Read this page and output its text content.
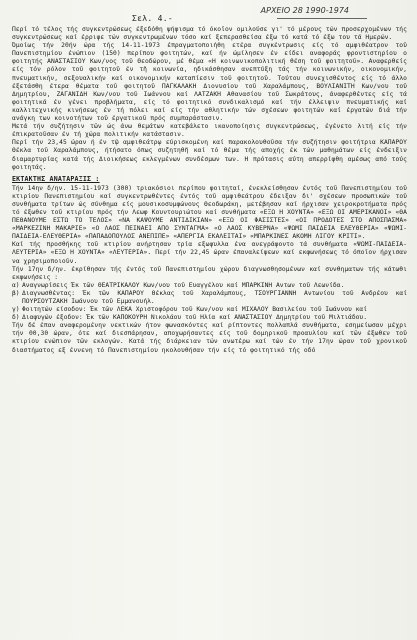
Σελ. 4.-
ΑΡΧΕΙΟ 28 1990-1974

Περί τό τέλος τής συγκεντρώσεως έξεδόθη ψήφισμα τό όκοῖον ομιλούσε γι' τό μέρους τών προσερχομένων τής συγκεντρώσεως καί έρριψε τών συγκεντρωμένων τόσο καί ξεπερασθείσα έξω τό κατά τό έξω του τά Ημερών.

Όμοίως τήν 20ήν ώρα τής 14-11-1973 έπραγματοποιήθη ετέρα συγκέντρωσις είς τό αμφιθέατρον τοῦ Πανεπιστημίου ένώπιον (150) περίπου φοιτητών, καί ήν ώμίλησεν έν είδει αναφοράς φροντιστηρίου ο φοιτητής ΑΝΑΣΤΑΣΙΟΥ Κων/νος τοῦ Θεοδώρου, μέ θέμα «Η κοινωνικοπολιτική θέση τοῦ φοιτητοῦ». Αναφερθείς είς τόν ρόλον τοῦ φοιτητοῦ έν τῆ κοινωνία, ηδικάσθησαν ανεπτύξη τάς τήν κοινωνικήν, οικονομικήν, πνευματικήν, σεξουαλικήν καί οικονομικήν καταπίεσιν τοῦ φοιτητοῦ. Τούτου συνεχισθέντος είς τό άλλο έξετάσθη έτερα θέματα τοῦ φοιτητοῦ ΠΑΓΚΑΛΑΚΗ Διονυσίου τοῦ Χαραλάμπους, ΒΟΥΛΙΑΝΙΤΗ Κων/νου τοῦ Δημητρίου, ΖΑΓΑΝΙΔΗ Κων/νου τοῦ Ιωάννου καί ΛΑΤΖΑΚΗ Αθανασίου τοῦ Σωκράτους, άναφερθέντες είς τά φοιτητικά έν γένει προβλήματα, είς τό φοιτητικό συνδικαλισμό καί τήν έλλειψιν πνευματικής καί καλλιτεχνικής κινήσεως έν τή πόλει καί είς τήν αθλητικήν τών σχέσεων φοιτητών καί έργατών διά τήν ανάγκη των κοινοτήτων τοῦ έργατικοῦ πρός συμπαράστασιν.

Μετά τήν συζήτησιν τῶν ώς άνω θεμάτων κατεβάλετο ικανοποίησις συγκεντρώσεως, έγένετο λιτή είς τήν έπικρατοῦσαν έν τή χώρα πολιτικήν κατάστασιν.

Περί τήν 23,45 ώραν ή έν τῷ αμφιθεάτρῳ εύρισκομένη καί παρακολουθοῦσα τήν συζήτησιν φοιτήτρια ΚΑΠΑΡΟΥ Θέκλα τοῦ Χαραλάμπους, ήτήσατο όπως συζητηθῆ καί τό θέμα τής αποχής έκ τών μαθημάτων είς ένδειξιν διαμαρτυρίας κατά τής Διοικήσεως εκλεγμένων συνδέσμων των. Η πρότασις αύτη απερρίφθη αμέσως από τούς φοιτητάς.

ΕΚΤΑΚΤΗΣ ΑΝΑΤΑΡΑΞΙΣ :

Τήν 14ην δ/ην. 15-11-1973 (300) τριακόσιοι περίπου φοιτηταί, ένεκλείσθησαν έντός τοῦ Πανεπιστημίου τοῦ κτιρίου Πανεπιστημίου καί συγκεντρωθέντες έντός τοῦ αμφιθεάτρου έδειξαν δι' σχέσεων προσωπικών τοῦ συνθήματα τρίτων ώς σύνθημα είς μουσικοσυμφώνους Θεοδωράκη, μετέβησαν καί ήρχισαν χειροκροτήματα πρός τό έξωθεν τοῦ κτιρίου πρός τήν Λεωφ Κουντουριώτου καί συνθήματα «ΕΞΩ Η ΧΟΥΝΤΑ» «ΕΞΩ ΟΙ ΑΜΕΡΙΚΑΝΟΙ» «ΘΑ ΠΕΘΑΝΟΥΜΕ ΕΣΤΩ ΤΟ ΤΕΛΟΣ» «ΝΑ ΚΑΨΟΥΜΕ ΑΝΤΙΔΙΚΙΑΝ» «ΕΞΩ ΟΙ ΦΑΣΙΣΤΕΣ» «ΟΙ ΠΡΟΔΟΤΕΣ ΣΤΟ ΑΠΟΣΠΑΣΜΑ» «ΜΑΡΚΕΖΙΝΗ ΜΑΚΑΡΙΕ» «Ο ΛΑΟΣ ΠΕΙΝΑΕΙ ΑΠΟ ΣΥΝΤΑΓΜΑ» «Ο ΛΑΟΣ ΚΥΒΕΡΝΑ» «ΨΩΜΙ ΠΑΙΔΕΙΑ ΕΛΕΥΘΕΡΙΑ» «ΨΩΜΙ-ΠΑΙΔΕΙΑ-ΕΛΕΥΘΕΡΙΑ» «ΠΑΠΑΔΟΠΟΥΛΟΣ ΑΝΕΠΙΠΕ» «ΑΠΕΡΓΙΑ ΕΚΑΛΕΙΤΑΙ» «ΜΠΑΡΚΙΝΕΣ ΑΚΟΜΗ ΛΙΓΟΥ ΚΡΙΤΙ».

Καί τής προσθήκης τοῦ κτιρίου ανήρτησαν τρία εξωφυλλα ένα ανεγράφοντο τά συνθήματα «ΨΩΜΙ-ΠΑΙΔΕΙΑ-ΛΕΥΤΕΡΙΑ» «ΕΞΩ Η ΧΟΥΝΤΑ» «ΛΕΥΤΕΡΙΑ». Περί τήν 22,45 ώραν έπαναλείψεων καί εκφωνήσεως τό όποῖον ήρχισαν να χρησιμοποιοῦν.

Τήν 17ην δ/ην. έκρίθησαν τής έντός τοῦ Πανεπιστημίου χώρου διαγνωσθησομένων καί συνθηματων τής κάτωθι εκφωνήσεις :

α) Αναγνωρίσεις Έκ τῶν ΘΕΑΤΡΙΚΑΛΟΥ Κων/νου τοῦ Ευαγγέλου καί ΜΠΑΡΚΙΝΗ Αντων τοῦ Λεωνίδα.
β) Διαγνωσθέντας: Έκ τῶν ΚΑΠΑΡΟΥ Θέκλας τοῦ Χαραλάμπους, ΤΣΟΥΡΓΙΑΝΝΗ Αντωνίου τοῦ Ανδρέου καί ΠΟΥΡΣΟΥΤΖΑΚΗ Ιωάννου τοῦ Εμμανουήλ.
γ) Φοιτητών είσοδον: Έκ τῶν ΛΕΚΑ Χριστοφόρου τοῦ Κων/νου καί ΜΙΧΑΛΟΥ Βασιλείου τοῦ Ιωάννου καί
δ) Διαφυγών έξοδον: Έκ τῶν ΚΑΠΟΚΟΥΡΗ Νικολάου τοῦ Ηλία καί ΑΝΑΣΤΑΣΙΟΥ Δημητρίου τοῦ Μιλτιάδου.

Τήν δέ έπαν αναφερομένην νεκτικών ήτον φωνασκόντες καί ρίπτοντες πολλαπλά συνθήματα, εσημείωσαν μέχρι τήν 00,30 ώραν, ότε καί διεσπάρησαν, αποχωρήσαντες είς τοῦ δομηρικοῦ προαυλίου καί τῶν έξωθεν τοῦ κτιρίου ενώπιον τῶν εκλογών. Κατά τής διάρκειαν τών ανωτέρω καί τών έν τήν 17ην ώραν τοῦ χρονικοῦ διαστήματος εξ έννενη τό Πανεπιστημίου ηκολουθήσαν τήν είς τό φοιτητικό τής οδό
